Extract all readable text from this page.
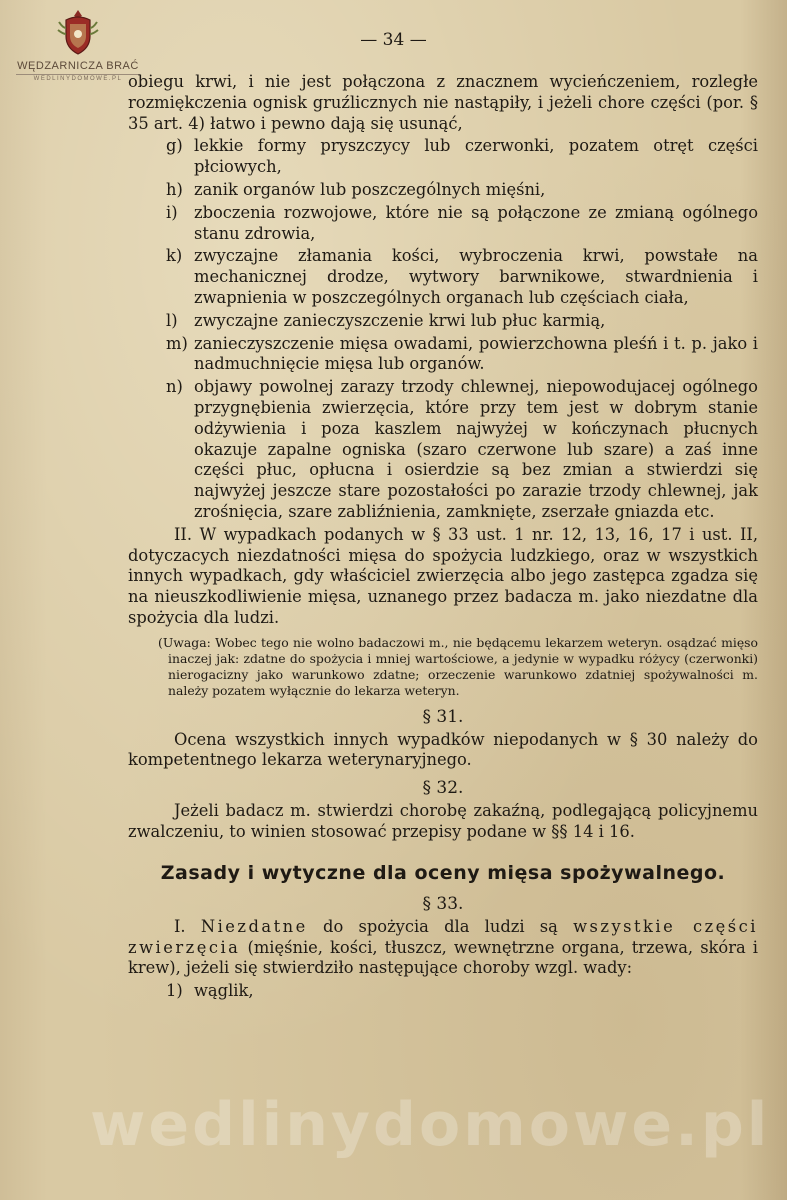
WĘDZARNICZA BRAĆ
WEDLINYDOMOWE.PL
— 34 —
obiegu krwi, i nie jest połączona z znacznem wycieńczeniem, rozległe rozmiękczenia ognisk gruźlicznych nie nastąpiły, i jeżeli chore części (por. § 35 art. 4) łatwo i pewno dają się usunąć,
g) lekkie formy pryszczycy lub czerwonki, pozatem otręt części płciowych,
h) zanik organów lub poszczególnych mięśni,
i) zboczenia rozwojowe, które nie są połączone ze zmianą ogólnego stanu zdrowia,
k) zwyczajne złamania kości, wybroczenia krwi, powstałe na mechanicznej drodze, wytwory barwnikowe, stwardnienia i zwapnienia w poszczególnych organach lub częściach ciała,
l) zwyczajne zanieczyszczenie krwi lub płuc karmią,
m) zanieczyszczenie mięsa owadami, powierzchowna pleśń i t. p. jako i nadmuchnięcie mięsa lub organów.
n) objawy powolnej zarazy trzody chlewnej, niepowodujacej ogólnego przygnębienia zwierzęcia, które przy tem jest w dobrym stanie odżywienia i poza kaszlem najwyżej w kończynach płucnych okazuje zapalne ogniska (szaro czerwone lub szare) a zaś inne części płuc, opłucna i osierdzie są bez zmian a stwierdzi się najwyżej jeszcze stare pozostałości po zarazie trzody chlewnej, jak zrośnięcia, szare zabliźnienia, zamknięte, zserzałe gniazda etc.
II. W wypadkach podanych w § 33 ust. 1 nr. 12, 13, 16, 17 i ust. II, dotyczacych niezdatności mięsa do spożycia ludzkiego, oraz w wszystkich innych wypadkach, gdy właściciel zwierzęcia albo jego zastępca zgadza się na nieuszkodliwienie mięsa, uznanego przez badacza m. jako niezdatne dla spożycia dla ludzi.
(Uwaga: Wobec tego nie wolno badaczowi m., nie będącemu lekarzem weteryn. osądzać mięso inaczej jak: zdatne do spożycia i mniej wartościowe, a jedynie w wypadku różycy (czerwonki) nierogacizny jako warunkowo zdatne; orzeczenie warunkowo zdatniej spożywalności m. należy pozatem wyłącznie do lekarza weteryn.
§ 31.
Ocena wszystkich innych wypadków niepodanych w § 30 należy do kompetentnego lekarza weterynaryjnego.
§ 32.
Jeżeli badacz m. stwierdzi chorobę zakaźną, podlegającą policyjnemu zwalczeniu, to winien stosować przepisy podane w §§ 14 i 16.
Zasady i wytyczne dla oceny mięsa spożywalnego.
§ 33.
I. Niezdatne do spożycia dla ludzi są wszystkie części zwierzęcia (mięśnie, kości, tłuszcz, wewnętrzne organa, trzewa, skóra i krew), jeżeli się stwierdziło następujące choroby wzgl. wady:
1) wąglik,
wedlinydomowe.pl
